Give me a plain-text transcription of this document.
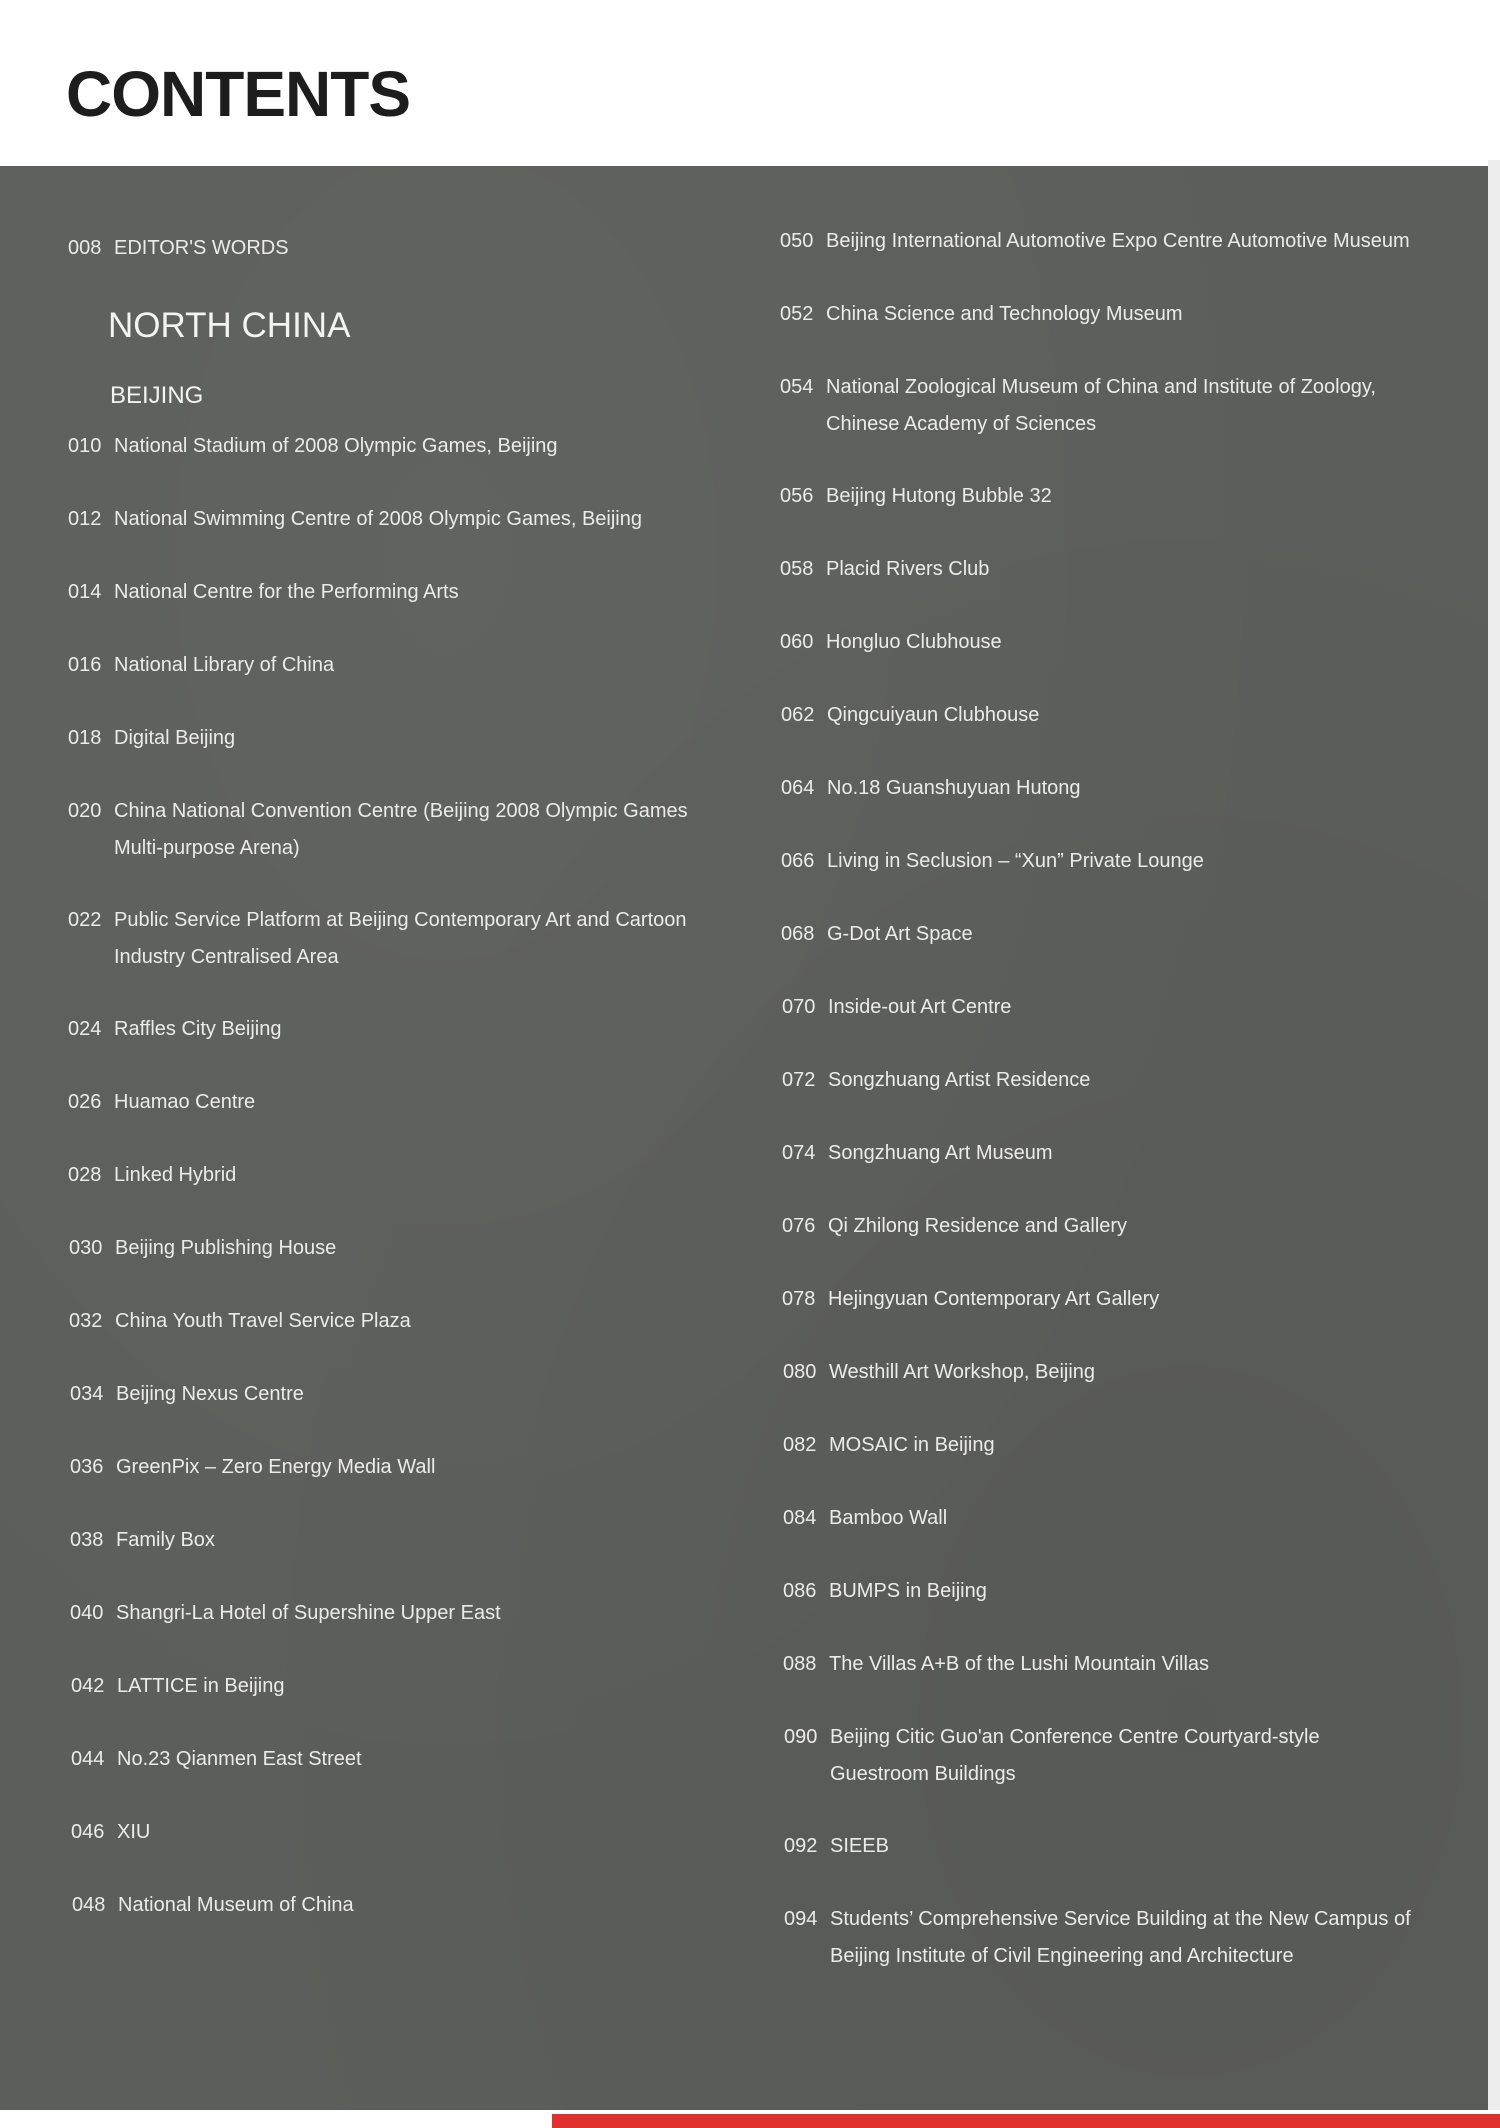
CONTENTS
008 EDITOR'S WORDS
NORTH CHINA
BEIJING
010 National Stadium of 2008 Olympic Games, Beijing
012 National Swimming Centre of 2008 Olympic Games, Beijing
014 National Centre for the Performing Arts
016 National Library of China
018 Digital Beijing
020 China National Convention Centre (Beijing 2008 Olympic Games Multi-purpose Arena)
022 Public Service Platform at Beijing Contemporary Art and Cartoon Industry Centralised Area
024 Raffles City Beijing
026 Huamao Centre
028 Linked Hybrid
030 Beijing Publishing House
032 China Youth Travel Service Plaza
034 Beijing Nexus Centre
036 GreenPix – Zero Energy Media Wall
038 Family Box
040 Shangri-La Hotel of Supershine Upper East
042 LATTICE in Beijing
044 No.23 Qianmen East Street
046 XIU
048 National Museum of China
050 Beijing International Automotive Expo Centre Automotive Museum
052 China Science and Technology Museum
054 National Zoological Museum of China and Institute of Zoology, Chinese Academy of Sciences
056 Beijing Hutong Bubble 32
058 Placid Rivers Club
060 Hongluo Clubhouse
062 Qingcuiyaun Clubhouse
064 No.18 Guanshuyuan Hutong
066 Living in Seclusion – “Xun” Private Lounge
068 G-Dot Art Space
070 Inside-out Art Centre
072 Songzhuang Artist Residence
074 Songzhuang Art Museum
076 Qi Zhilong Residence and Gallery
078 Hejingyuan Contemporary Art Gallery
080 Westhill Art Workshop, Beijing
082 MOSAIC in Beijing
084 Bamboo Wall
086 BUMPS in Beijing
088 The Villas A+B of the Lushi Mountain Villas
090 Beijing Citic Guo'an Conference Centre Courtyard-style Guestroom Buildings
092 SIEEB
094 Students’ Comprehensive Service Building at the New Campus of Beijing Institute of Civil Engineering and Architecture
